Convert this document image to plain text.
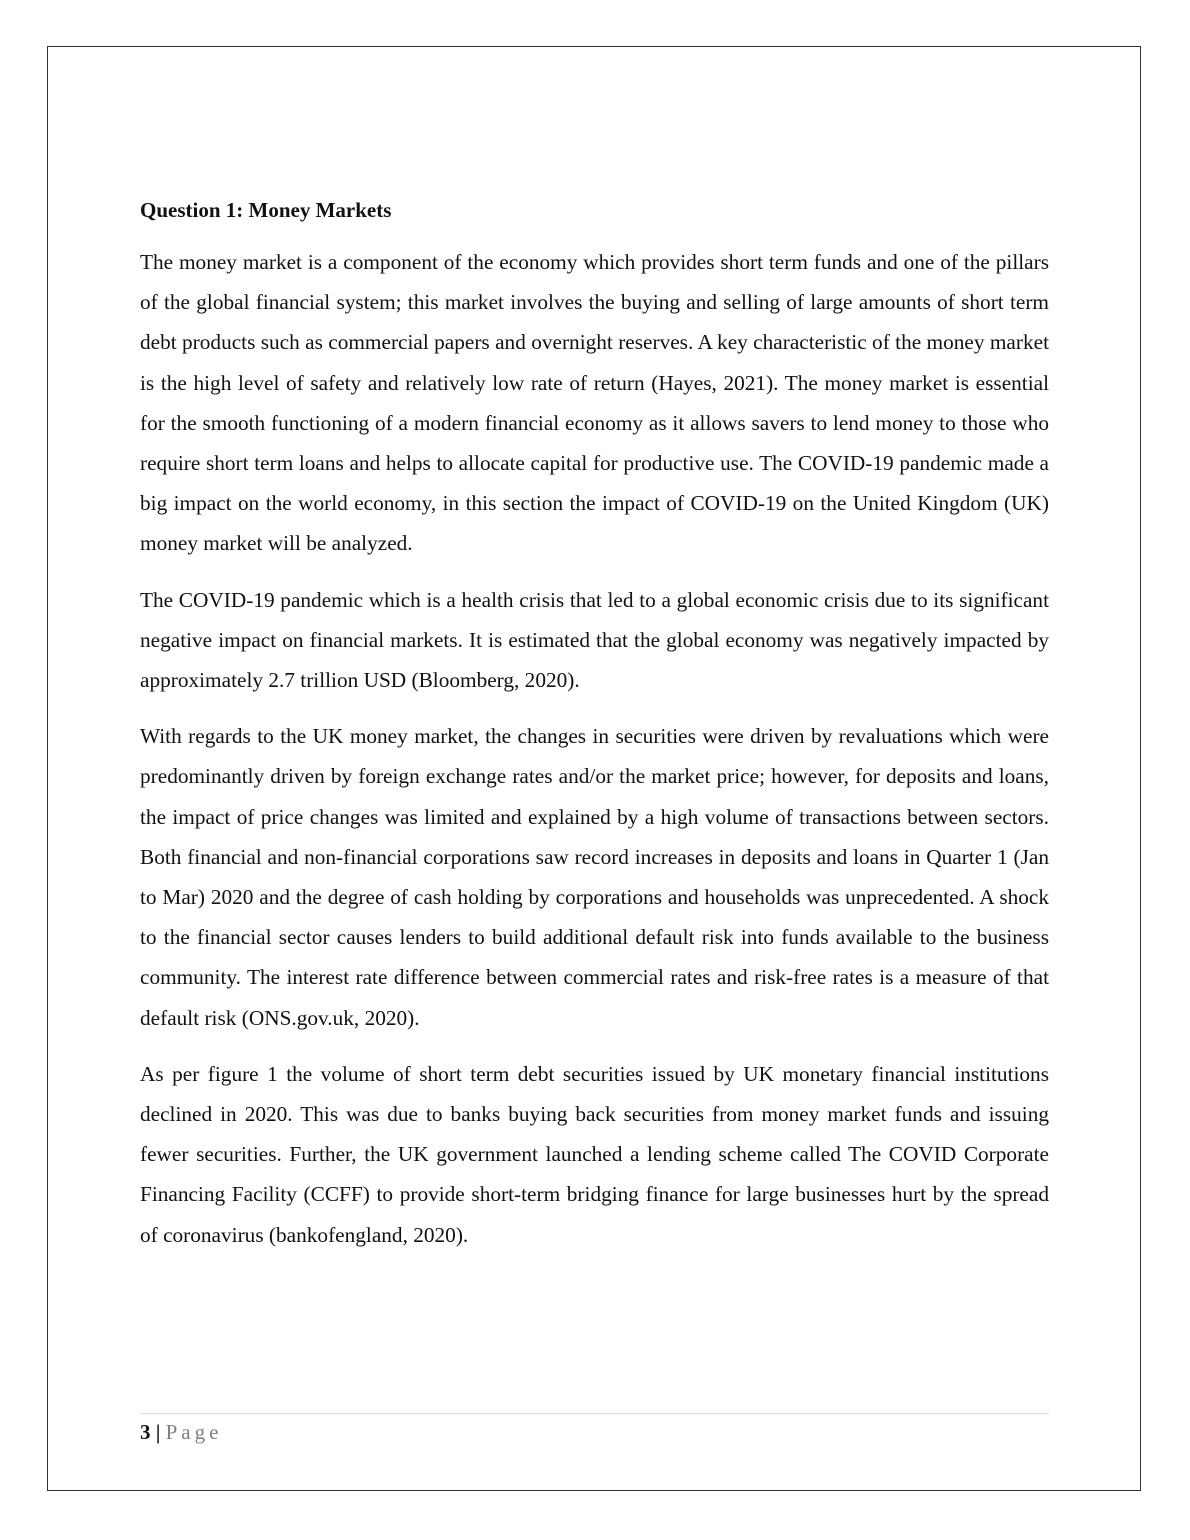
Question 1: Money Markets

The money market is a component of the economy which provides short term funds and one of the pillars of the global financial system; this market involves the buying and selling of large amounts of short term debt products such as commercial papers and overnight reserves. A key characteristic of the money market is the high level of safety and relatively low rate of return (Hayes, 2021). The money market is essential for the smooth functioning of a modern financial economy as it allows savers to lend money to those who require short term loans and helps to allocate capital for productive use. The COVID-19 pandemic made a big impact on the world economy, in this section the impact of COVID-19 on the United Kingdom (UK) money market will be analyzed.

The COVID-19 pandemic which is a health crisis that led to a global economic crisis due to its significant negative impact on financial markets. It is estimated that the global economy was negatively impacted by approximately 2.7 trillion USD (Bloomberg, 2020).

With regards to the UK money market, the changes in securities were driven by revaluations which were predominantly driven by foreign exchange rates and/or the market price; however, for deposits and loans, the impact of price changes was limited and explained by a high volume of transactions between sectors. Both financial and non-financial corporations saw record increases in deposits and loans in Quarter 1 (Jan to Mar) 2020 and the degree of cash holding by corporations and households was unprecedented. A shock to the financial sector causes lenders to build additional default risk into funds available to the business community. The interest rate difference between commercial rates and risk-free rates is a measure of that default risk (ONS.gov.uk, 2020).

As per figure 1 the volume of short term debt securities issued by UK monetary financial institutions declined in 2020. This was due to banks buying back securities from money market funds and issuing fewer securities. Further, the UK government launched a lending scheme called The COVID Corporate Financing Facility (CCFF) to provide short-term bridging finance for large businesses hurt by the spread of coronavirus (bankofengland, 2020).

3 | Page
